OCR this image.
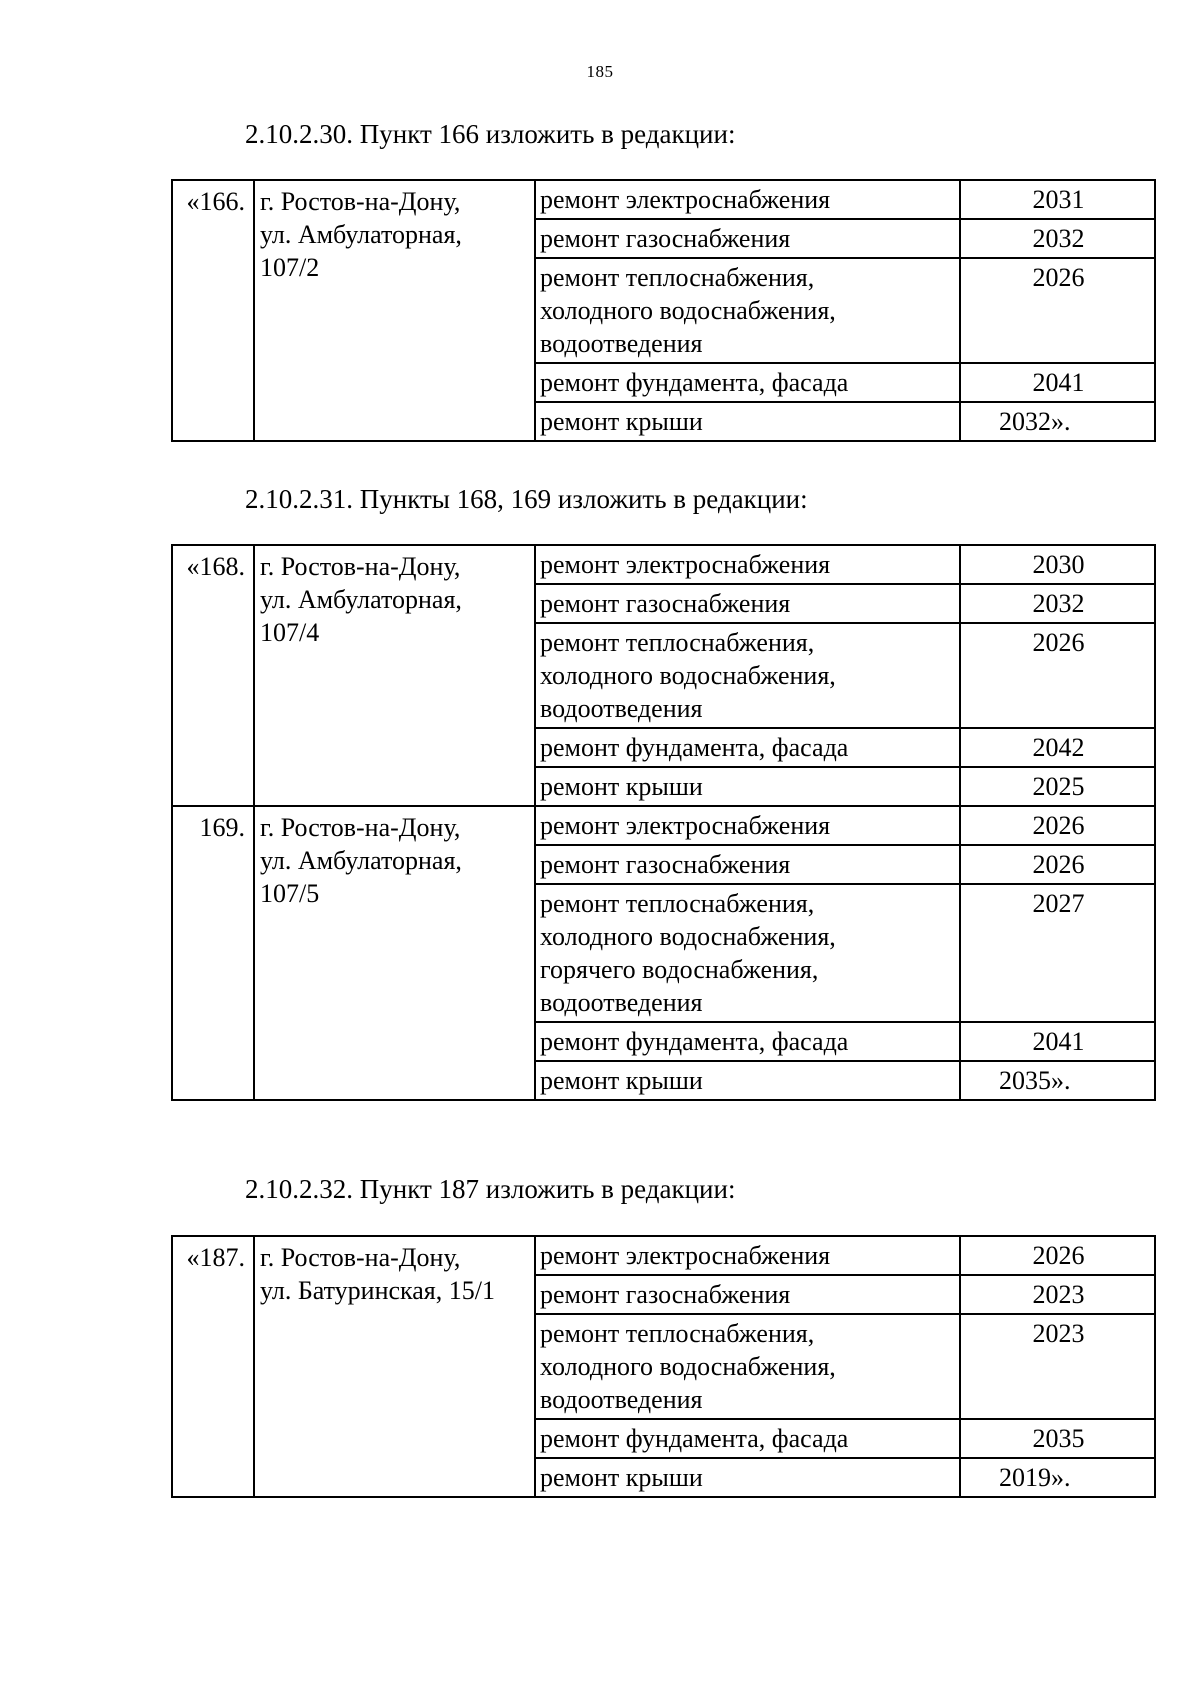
185
2.10.2.30. Пункт 166 изложить в редакции:
«166.	г. Ростов-на-Дону,
ул. Амбулаторная,
107/2	ремонт электроснабжения	2031

		ремонт газоснабжения	2032

		ремонт теплоснабжения,
холодного водоснабжения,
водоотведения	2026

		ремонт фундамента, фасада	2041

		ремонт крыши	2032».
2.10.2.31. Пункты 168, 169 изложить в редакции:
«168.	г. Ростов-на-Дону,
ул. Амбулаторная,
107/4	ремонт электроснабжения	2030

		ремонт газоснабжения	2032

		ремонт теплоснабжения,
холодного водоснабжения,
водоотведения	2026

		ремонт фундамента, фасада	2042

		ремонт крыши	2025
169.	г. Ростов-на-Дону,
ул. Амбулаторная,
107/5	ремонт электроснабжения	2026

		ремонт газоснабжения	2026

		ремонт теплоснабжения,
холодного водоснабжения,
горячего водоснабжения,
водоотведения	2027

		ремонт фундамента, фасада	2041

		ремонт крыши	2035».
2.10.2.32. Пункт 187 изложить в редакции:
«187.	г. Ростов-на-Дону,
ул. Батуринская, 15/1	ремонт электроснабжения	2026

		ремонт газоснабжения	2023

		ремонт теплоснабжения,
холодного водоснабжения,
водоотведения	2023

		ремонт фундамента, фасада	2035

		ремонт крыши	2019».
